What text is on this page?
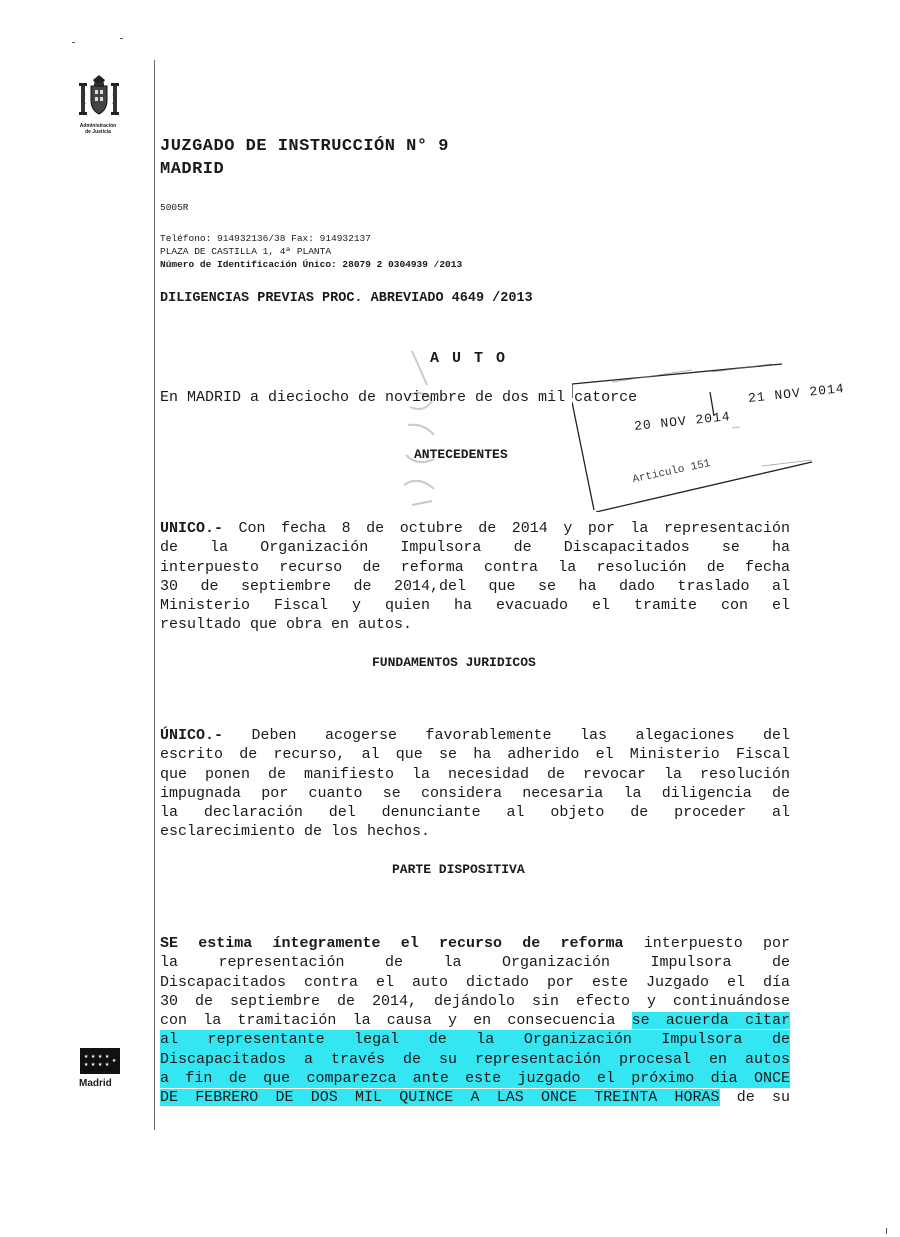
Administración
de Justicia
JUZGADO DE INSTRUCCIÓN N° 9
MADRID
5005R
Teléfono: 914932136/38 Fax: 914932137
PLAZA DE CASTILLA 1, 4ª PLANTA
Número de Identificación Único: 28079 2 0304939 /2013
DILIGENCIAS PREVIAS PROC. ABREVIADO 4649 /2013
A U T O
En MADRID a dieciocho de noviembre de dos mil catorce
20 NOV 2014
21 NOV 2014
Articulo 151
ANTECEDENTES
UNICO.- Con fecha 8 de octubre de 2014 y por la representación
de la Organización Impulsora de Discapacitados se ha
interpuesto recurso de reforma contra la resolución de fecha
30 de septiembre de 2014,del que se ha dado traslado al
Ministerio Fiscal y quien ha evacuado el tramite con el
resultado que obra en autos.
FUNDAMENTOS JURIDICOS
ÚNICO.- Deben acogerse favorablemente las alegaciones del
escrito de recurso, al que se ha adherido el Ministerio Fiscal
que ponen de manifiesto la necesidad de revocar la resolución
impugnada por cuanto se considera necesaria la diligencia de
la declaración del denunciante al objeto de proceder al
esclarecimiento de los hechos.
PARTE DISPOSITIVA
SE estima íntegramente el recurso de reforma interpuesto por
la representación de la Organización Impulsora de
Discapacitados contra el auto dictado por este Juzgado el día
30 de septiembre de 2014, dejándolo sin efecto y continuándose
con la tramitación la causa y en consecuencia se acuerda citar
al representante legal de la Organización Impulsora de
Discapacitados a través de su representación procesal en autos
a fin de que comparezca ante este juzgado el próximo dia ONCE
DE FEBRERO DE DOS MIL QUINCE A LAS ONCE TREINTA HORAS de su
★ ★ ★ ★
★ ★ ★ ★ ★
Madrid
